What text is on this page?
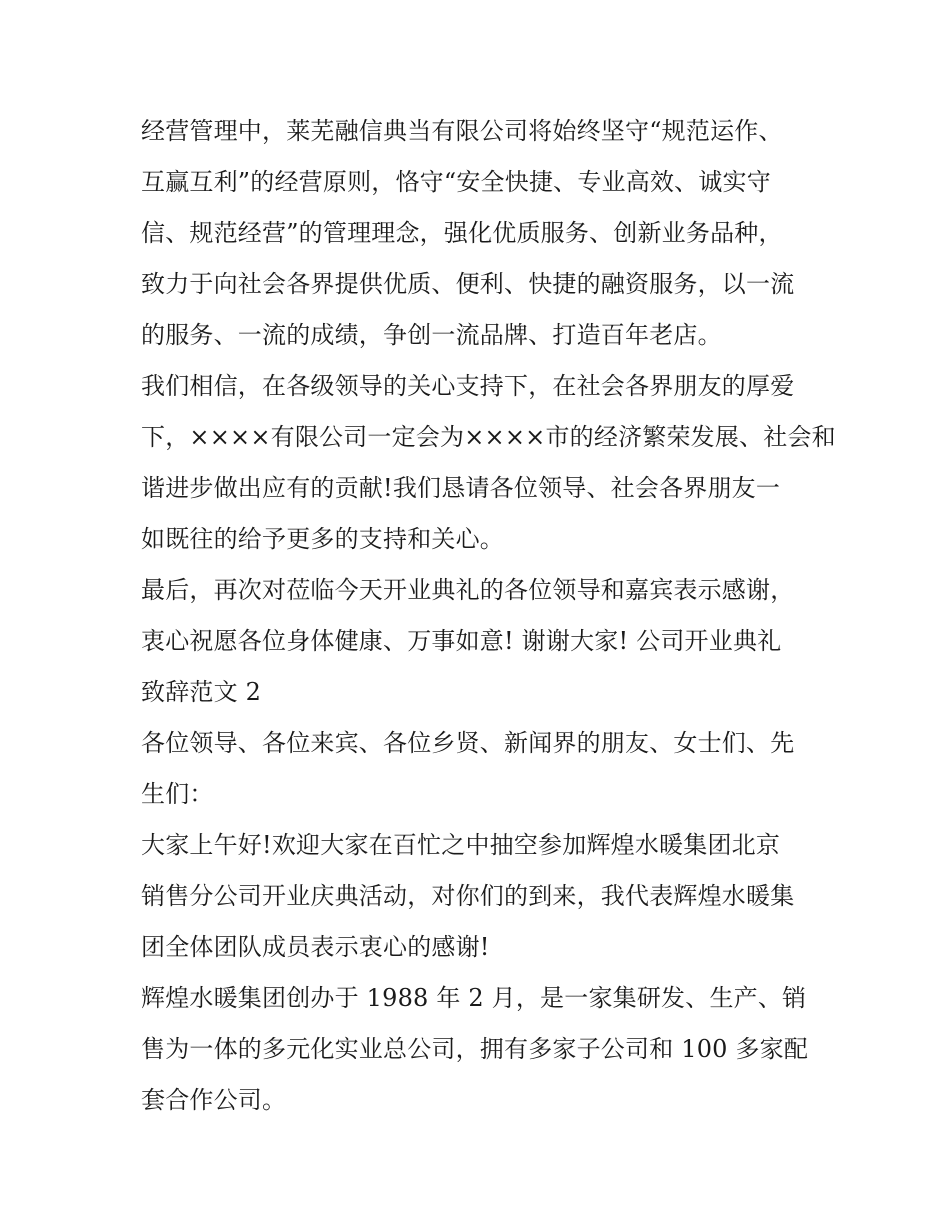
经营管理中，莱芜融信典当有限公司将始终坚守“规范运作、
互赢互利”的经营原则，恪守“安全快捷、专业高效、诚实守
信、规范经营”的管理理念，强化优质服务、创新业务品种，
致力于向社会各界提供优质、便利、快捷的融资服务，以一流
的服务、一流的成绩，争创一流品牌、打造百年老店。
我们相信，在各级领导的关心支持下，在社会各界朋友的厚爱
下，××××有限公司一定会为××××市的经济繁荣发展、社会和
谐进步做出应有的贡献!我们恳请各位领导、社会各界朋友一
如既往的给予更多的支持和关心。
最后，再次对莅临今天开业典礼的各位领导和嘉宾表示感谢，
衷心祝愿各位身体健康、万事如意! 谢谢大家! 公司开业典礼
致辞范文 2
各位领导、各位来宾、各位乡贤、新闻界的朋友、女士们、先
生们：
大家上午好!欢迎大家在百忙之中抽空参加辉煌水暖集团北京
销售分公司开业庆典活动，对你们的到来，我代表辉煌水暖集
团全体团队成员表示衷心的感谢!
辉煌水暖集团创办于 1988 年 2 月，是一家集研发、生产、销
售为一体的多元化实业总公司，拥有多家子公司和 100 多家配
套合作公司。
